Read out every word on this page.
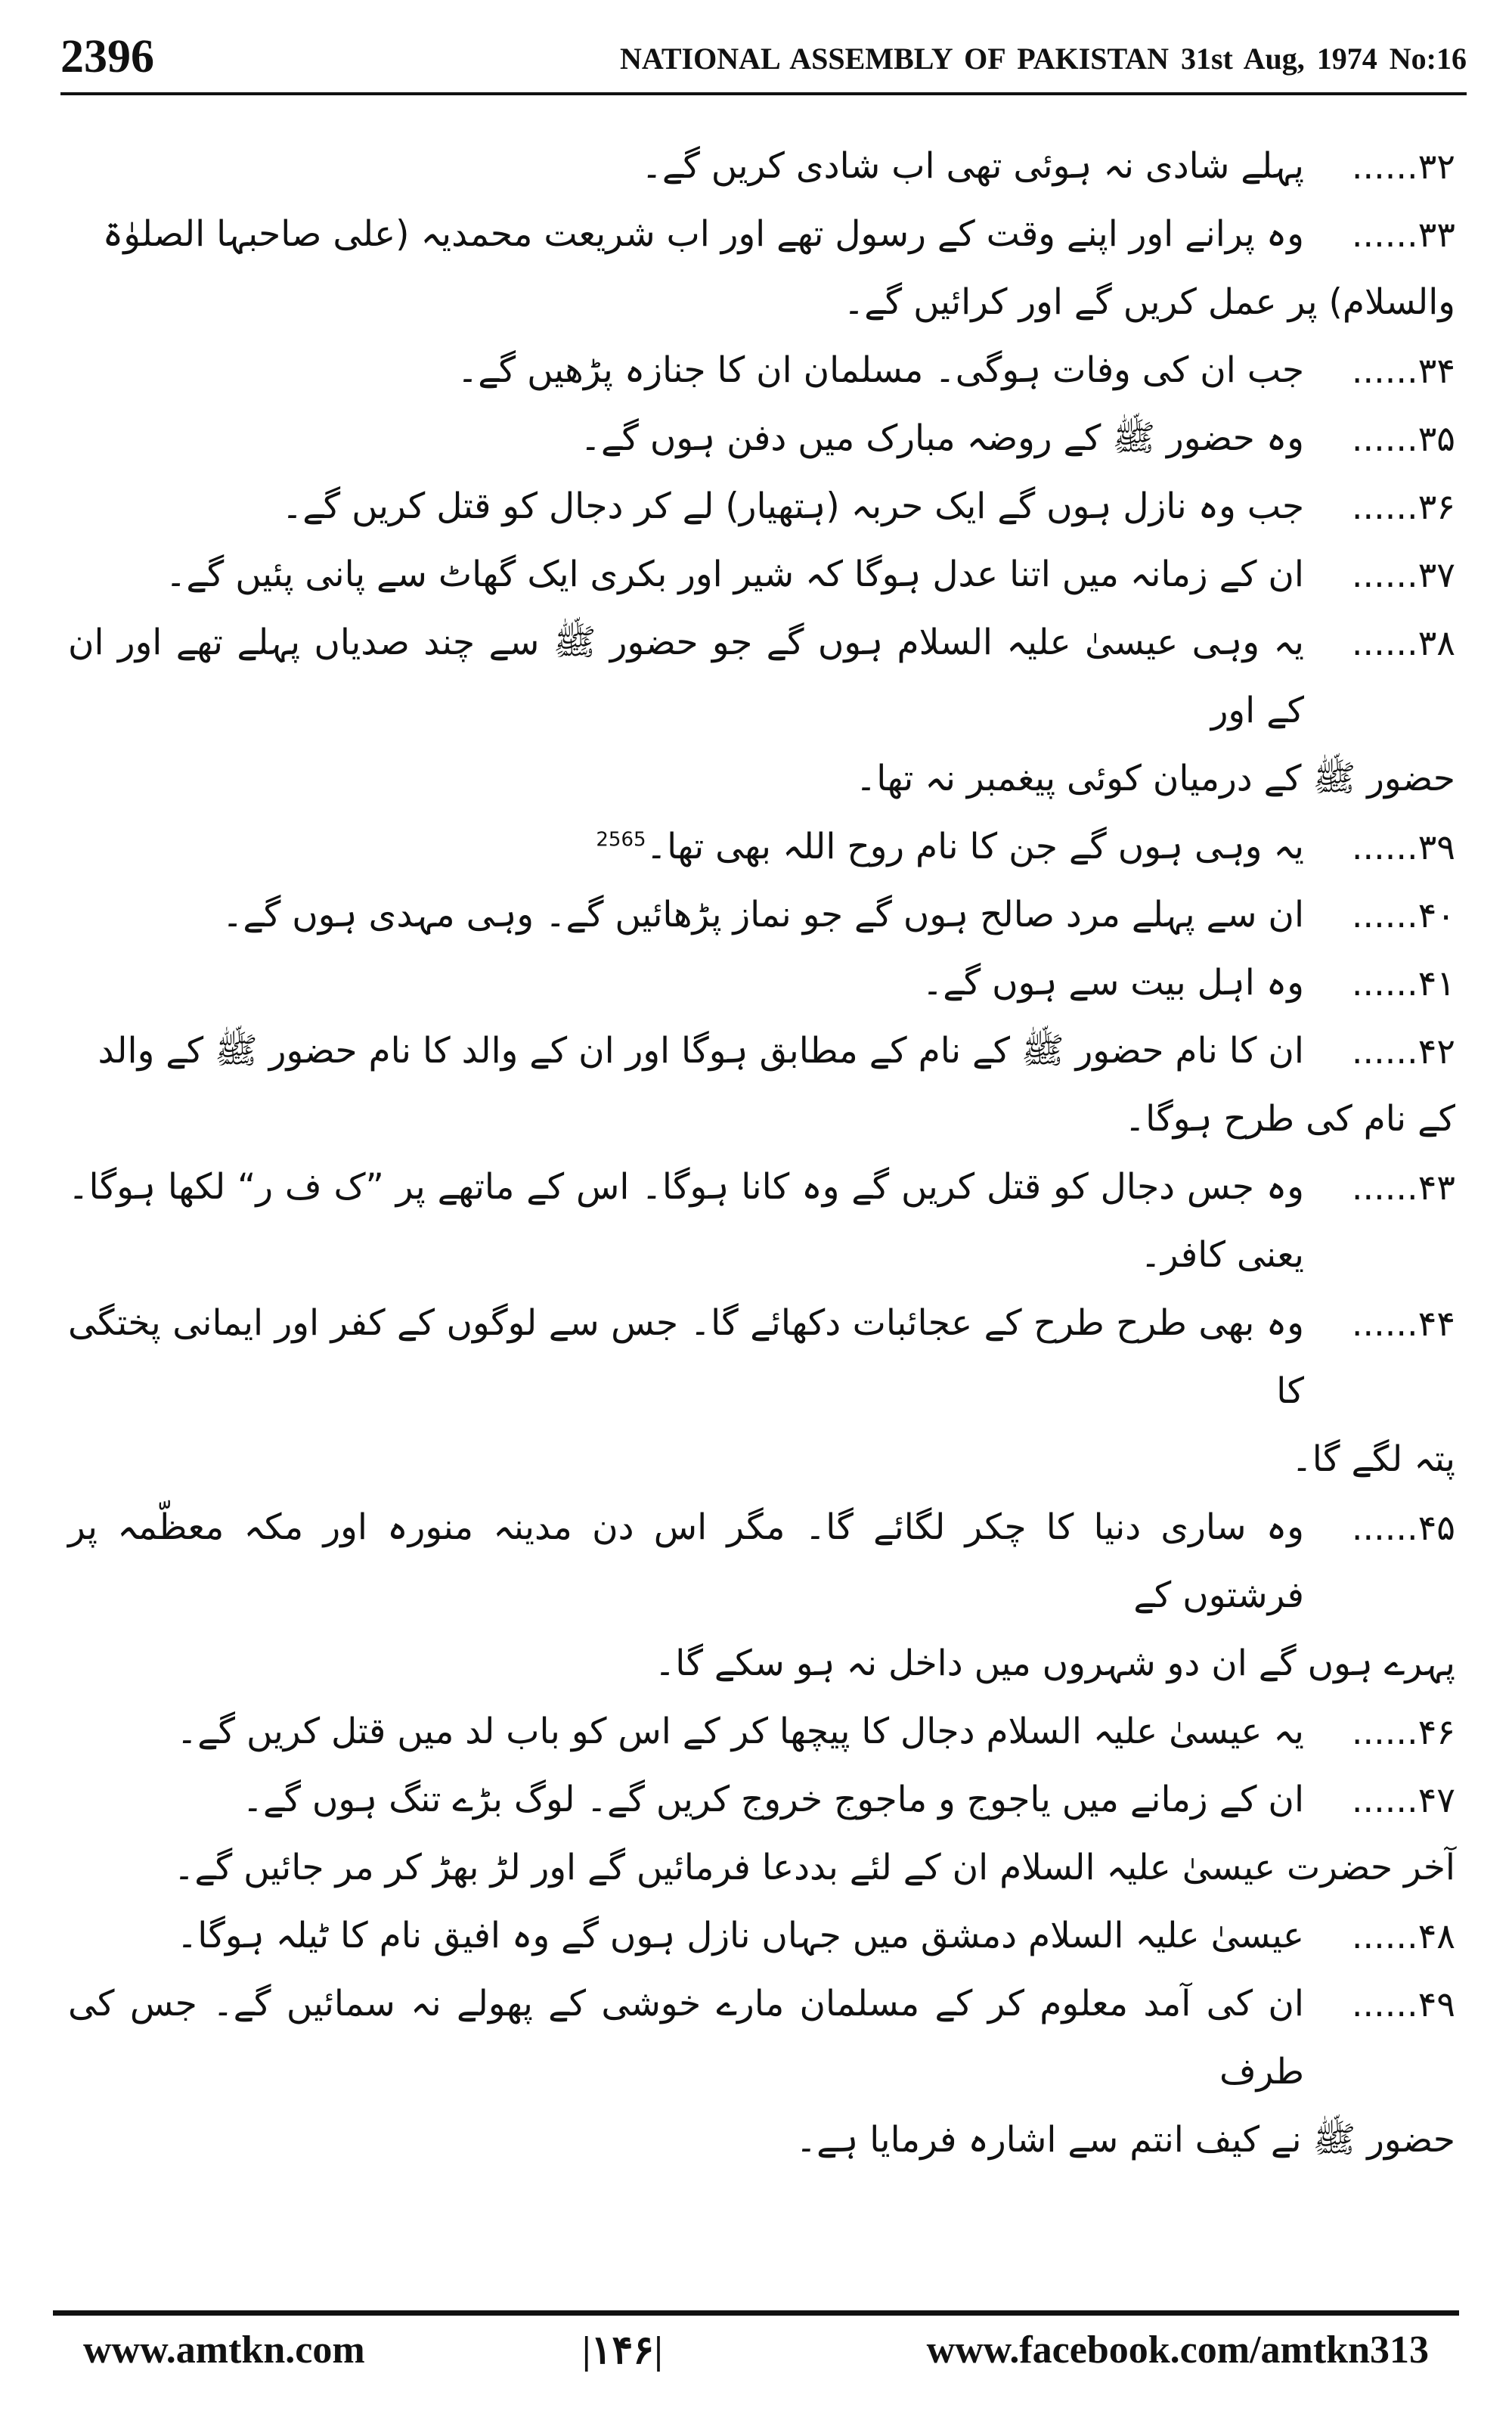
2396	NATIONAL ASSEMBLY OF PAKISTAN 31st Aug, 1974 No:16
۳۲......
پہلے شادی نہ ہوئی تھی اب شادی کریں گے۔
۳۳......
وہ پرانے اور اپنے وقت کے رسول تھے اور اب شریعت محمدیہ (علی صاحبہا الصلوٰۃ
والسلام) پر عمل کریں گے اور کرائیں گے۔
۳۴......
جب ان کی وفات ہوگی۔ مسلمان ان کا جنازہ پڑھیں گے۔
۳۵......
وہ حضور ﷺ کے روضہ مبارک میں دفن ہوں گے۔
۳۶......
جب وہ نازل ہوں گے ایک حربہ (ہتھیار) لے کر دجال کو قتل کریں گے۔
۳۷......
ان کے زمانہ میں اتنا عدل ہوگا کہ شیر اور بکری ایک گھاٹ سے پانی پئیں گے۔
۳۸......
یہ وہی عیسیٰ علیہ السلام ہوں گے جو حضور ﷺ سے چند صدیاں پہلے تھے اور ان کے اور
حضور ﷺ کے درمیان کوئی پیغمبر نہ تھا۔
۳۹......
یہ وہی ہوں گے جن کا نام روح اللہ بھی تھا۔$^{2565}$
۴۰......
ان سے پہلے مرد صالح ہوں گے جو نماز پڑھائیں گے۔ وہی مہدی ہوں گے۔
۴۱......
وہ اہل بیت سے ہوں گے۔
۴۲......
ان کا نام حضور ﷺ کے نام کے مطابق ہوگا اور ان کے والد کا نام حضور ﷺ کے والد
کے نام کی طرح ہوگا۔
۴۳......
وہ جس دجال کو قتل کریں گے وہ کانا ہوگا۔ اس کے ماتھے پر ”ک ف ر“ لکھا ہوگا۔ یعنی کافر۔
۴۴......
وہ بھی طرح طرح کے عجائبات دکھائے گا۔ جس سے لوگوں کے کفر اور ایمانی پختگی کا
پتہ لگے گا۔
۴۵......
وہ ساری دنیا کا چکر لگائے گا۔ مگر اس دن مدینہ منورہ اور مکہ معظّمہ پر فرشتوں کے
پہرے ہوں گے ان دو شہروں میں داخل نہ ہو سکے گا۔
۴۶......
یہ عیسیٰ علیہ السلام دجال کا پیچھا کر کے اس کو باب لد میں قتل کریں گے۔
۴۷......
ان کے زمانے میں یاجوج و ماجوج خروج کریں گے۔ لوگ بڑے تنگ ہوں گے۔
آخر حضرت عیسیٰ علیہ السلام ان کے لئے بددعا فرمائیں گے اور لڑ بھڑ کر مر جائیں گے۔
۴۸......
عیسیٰ علیہ السلام دمشق میں جہاں نازل ہوں گے وہ افیق نام کا ٹیلہ ہوگا۔
۴۹......
ان کی آمد معلوم کر کے مسلمان مارے خوشی کے پھولے نہ سمائیں گے۔ جس کی طرف
حضور ﷺ نے کیف انتم سے اشارہ فرمایا ہے۔
www.amtkn.com	|۱۴۶|	www.facebook.com/amtkn313
